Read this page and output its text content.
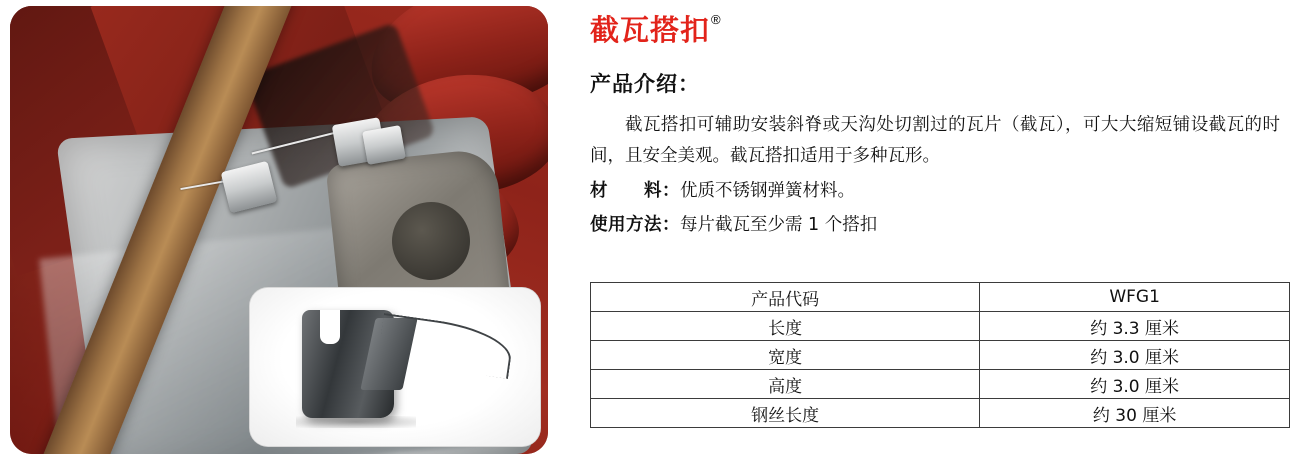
截瓦搭扣®
产品介绍：
截瓦搭扣可辅助安装斜脊或天沟处切割过的瓦片（截瓦），可大大缩短铺设截瓦的时间，且安全美观。截瓦搭扣适用于多种瓦形。
材　　料：优质不锈钢弹簧材料。
使用方法：每片截瓦至少需 1 个搭扣
产品代码	WFG1
长度	约 3.3 厘米
宽度	约 3.0 厘米
高度	约 3.0 厘米
钢丝长度	约 30 厘米
